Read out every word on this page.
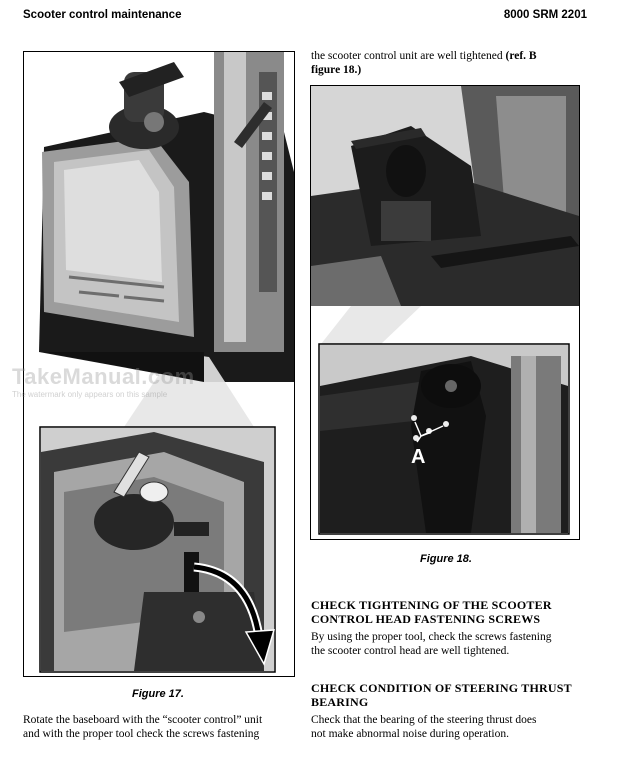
Scooter control maintenance	8000 SRM 2201
TakeManual.com
The watermark only appears on this sample
Figure 17.
Rotate the baseboard with the “scooter control” unit
and with the proper tool check the screws fastening
the scooter control unit are well tightened (ref. B
figure 18.)
A
Figure 18.
CHECK TIGHTENING OF THE SCOOTER
CONTROL HEAD FASTENING SCREWS
By using the proper tool, check the screws fastening
the scooter control head are well tightened.
CHECK CONDITION OF STEERING THRUST
BEARING
Check that the bearing of the steering thrust does
not make abnormal noise during operation.
